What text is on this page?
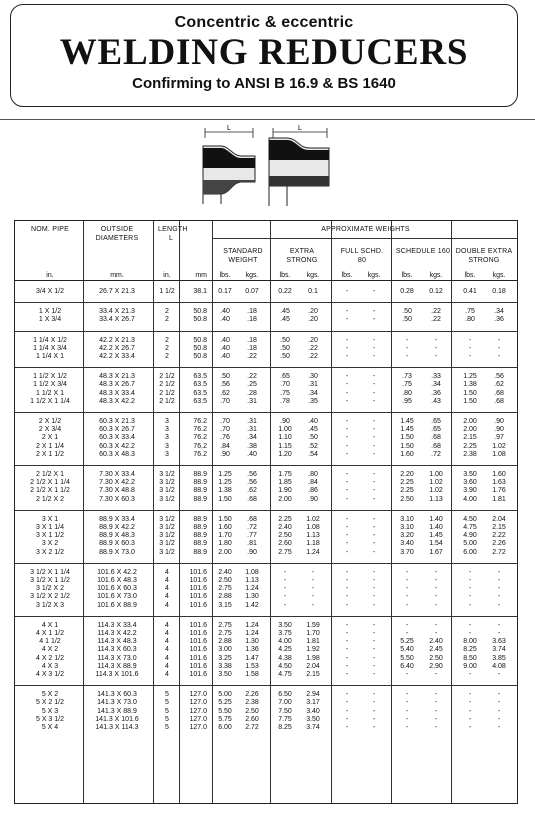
Concentric & eccentric
WELDING REDUCERS
Confirming to ANSI B 16.9 & BS 1640
L	L
NOM. PIPE	OUTSIDE DIAMETERS
LENGTH L
APPROXIMATE WEIGHTS
STANDARD WEIGHT
EXTRA STRONG
FULL SCHD. 80
SCHEDULE 160 DOUBLE EXTRA STRONG
in.	mm.	in.	mm	lbs.	kgs.	lbs.	kgs.	lbs.	kgs.	lbs.	kgs.	lbs.	kgs.
3/4 X 1/2	26.7 X 21.3	1 1/2	38.1	0.17	0.07	0.22	0.1	-	-	0.28	0.12	0.41	0.18
1 X 1/2	33.4 X 21.3	2	50.8	.40	.18	.45	.20	-	-	.50	.22	.75	.34
1 X 3/4	33.4 X 26.7	2	50.8	.40	.18	.45	.20	-	-	.50	.22	.80	.36
1 1/4 X 1/2	42.2 X 21.3	2	50.8	.40	.18	.50	.20	-	-	-	-	-	-
1 1/4 X 3/4	42.2 X 26.7	2	50.8	.40	.18	.50	.22	-	-	-	-	-	-
1 1/4 X 1	42.2 X 33.4	2	50.8	.40	.22	.50	.22	-	-	-	-	-	-
1 1/2 X 1/2	48.3 X 21.3	2 1/2	63.5	.50	.22	.65	.30	-	-	.73	.33	1.25	.56
1 1/2 X 3/4	48.3 X 26.7	2 1/2	63.5	.56	.25	.70	.31	-	-	.75	.34	1.38	.62
1 1/2 X 1	48.3 X 33.4	2 1/2	63.5	.62	.28	.75	.34	-	-	.80	.36	1.50	.68
1 1/2 X 1 1/4	48.3 X 42.2	2 1/2	63.5	.70	.31	.78	.35	-	-	.95	.43	1.50	.68
2 X 1/2	60.3 X 21.3	3	76.2	.70	.31	.90	.40	-	-	1.45	.65	2.00	.90
2 X 3/4	60.3 X 26.7	3	76.2	.70	.31	1.00	.45	-	-	1.45	.65	2.00	.90
2 X 1	60.3 X 33.4	3	76.2	.76	.34	1.10	.50	-	-	1.50	.68	2.15	.97
2 X 1 1/4	60.3 X 42.2	3	76.2	.84	.38	1.15	.52	-	-	1.50	.68	2.25	1.02
2 X 1 1/2	60.3 X 48.3	3	76.2	.90	.40	1.20	.54	-	-	1.60	.72	2.38	1.08
2 1/2 X 1	7.30 X 33.4	3 1/2	88.9	1.25	.56	1.75	.80	-	-	2.20	1.00	3.50	1.60
2 1/2 X 1 1/4	7.30 X 42.2	3 1/2	88.9	1.25	.56	1.85	.84	-	-	2.25	1.02	3.60	1.63
2 1/2 X 1 1/2	7.30 X 48.8	3 1/2	88.9	1.38	.62	1.90	.86	-	-	2.25	1.02	3.90	1.76
2 1/2 X 2	7.30 X 60.3	3 1/2	88.9	1.50	.68	2.00	.90	-	-	2.50	1.13	4.00	1.81
3 X 1	88.9 X 33.4	3 1/2	88.9	1.50	.68	2.25	1.02	-	-	3.10	1.40	4.50	2.04
3 X 1 1/4	88.9 X 42.2	3 1/2	88.9	1.60	.72	2.40	1.08	-	-	3.10	1.40	4.75	2.15
3 X 1 1/2	88.9 X 48.3	3 1/2	88.9	1.70	.77	2.50	1.13	-	-	3.20	1.45	4.90	2.22
3 X 2	88.9 X 60.3	3 1/2	88.9	1.80	.81	2.60	1.18	-	-	3.40	1.54	5.00	2.26
3 X 2 1/2	88.9 X 73.0	3 1/2	88.9	2.00	.90	2.75	1.24	-	-	3.70	1.67	6.00	2.72
3 1/2 X 1 1/4	101.6 X 42.2	4	101.6	2.40	1.08	-	-	-	-	-	-	-	-
3 1/2 X 1 1/2	101.6 X 48.3	4	101.6	2.50	1.13	-	-	-	-	-	-	-	-
3 1/2 X 2	101.6 X 60.3	4	101.6	2.75	1.24	-	-	-	-	-	-	-	-
3 1/2 X 2 1/2	101.6 X 73.0	4	101.6	2.88	1.30	-	-	-	-	-	-	-	-
3 1/2 X 3	101.6 X 88.9	4	101.6	3.15	1.42	-	-	-	-	-	-	-	-
4 X 1	114.3 X 33.4	4	101.6	2.75	1.24	3.50	1.59	-	-	-	-	-	-
4 X 1 1/2	114.3 X 42.2	4	101.6	2.75	1.24	3.75	1.70	-	-	-	-	-	-
4 1 1/2	114.3 X 48.3	4	101.6	2.88	1.30	4.00	1.81	-	-	5.25	2.40	8.00	3.63
4 X 2	114.3 X 60.3	4	101.6	3.00	1.36	4.25	1.92	-	-	5.40	2.45	8.25	3.74
4 X 2 1/2	114.3 X 73.0	4	101.6	3.25	1.47	4.38	1.98	-	-	5.50	2.50	8.50	3.85
4 X 3	114.3 X 88.9	4	101.6	3.38	1.53	4.50	2.04	-	-	6.40	2.90	9.00	4.08
4 X 3 1/2	114.3 X 101.6	4	101.6	3.50	1.58	4.75	2.15	-	-	-	-	-	-
5 X 2	141.3 X 60.3	5	127.0	5.00	2.26	6.50	2.94	-	-	-	-	-	-
5 X 2 1/2	141.3 X 73.0	5	127.0	5.25	2.38	7.00	3.17	-	-	-	-	-	-
5 X 3	141.3 X 88.9	5	127.0	5.50	2.50	7.50	3.40	-	-	-	-	-	-
5 X 3 1/2	141.3 X 101.6	5	127.0	5.75	2.60	7.75	3.50	-	-	-	-	-	-
5 X 4	141.3 X 114.3	5	127.0	6.00	2.72	8.25	3.74	-	-	-	-	-	-
